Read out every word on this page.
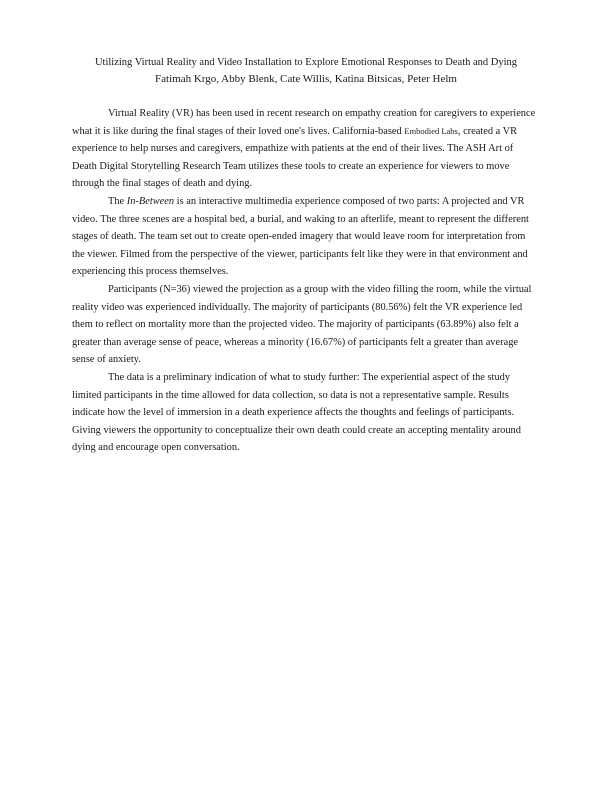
Utilizing Virtual Reality and Video Installation to Explore Emotional Responses to Death and Dying

Fatimah Krgo, Abby Blenk, Cate Willis, Katina Bitsicas, Peter Helm

Virtual Reality (VR) has been used in recent research on empathy creation for caregivers to experience what it is like during the final stages of their loved one's lives. California-based Embodied Labs, created a VR experience to help nurses and caregivers, empathize with patients at the end of their lives. The ASH Art of Death Digital Storytelling Research Team utilizes these tools to create an experience for viewers to move through the final stages of death and dying.

The In-Between is an interactive multimedia experience composed of two parts: A projected and VR video. The three scenes are a hospital bed, a burial, and waking to an afterlife, meant to represent the different stages of death. The team set out to create open-ended imagery that would leave room for interpretation from the viewer. Filmed from the perspective of the viewer, participants felt like they were in that environment and experiencing this process themselves.

Participants (N=36) viewed the projection as a group with the video filling the room, while the virtual reality video was experienced individually. The majority of participants (80.56%) felt the VR experience led them to reflect on mortality more than the projected video. The majority of participants (63.89%) also felt a greater than average sense of peace, whereas a minority (16.67%) of participants felt a greater than average sense of anxiety.

The data is a preliminary indication of what to study further: The experiential aspect of the study limited participants in the time allowed for data collection, so data is not a representative sample. Results indicate how the level of immersion in a death experience affects the thoughts and feelings of participants. Giving viewers the opportunity to conceptualize their own death could create an accepting mentality around dying and encourage open conversation.
